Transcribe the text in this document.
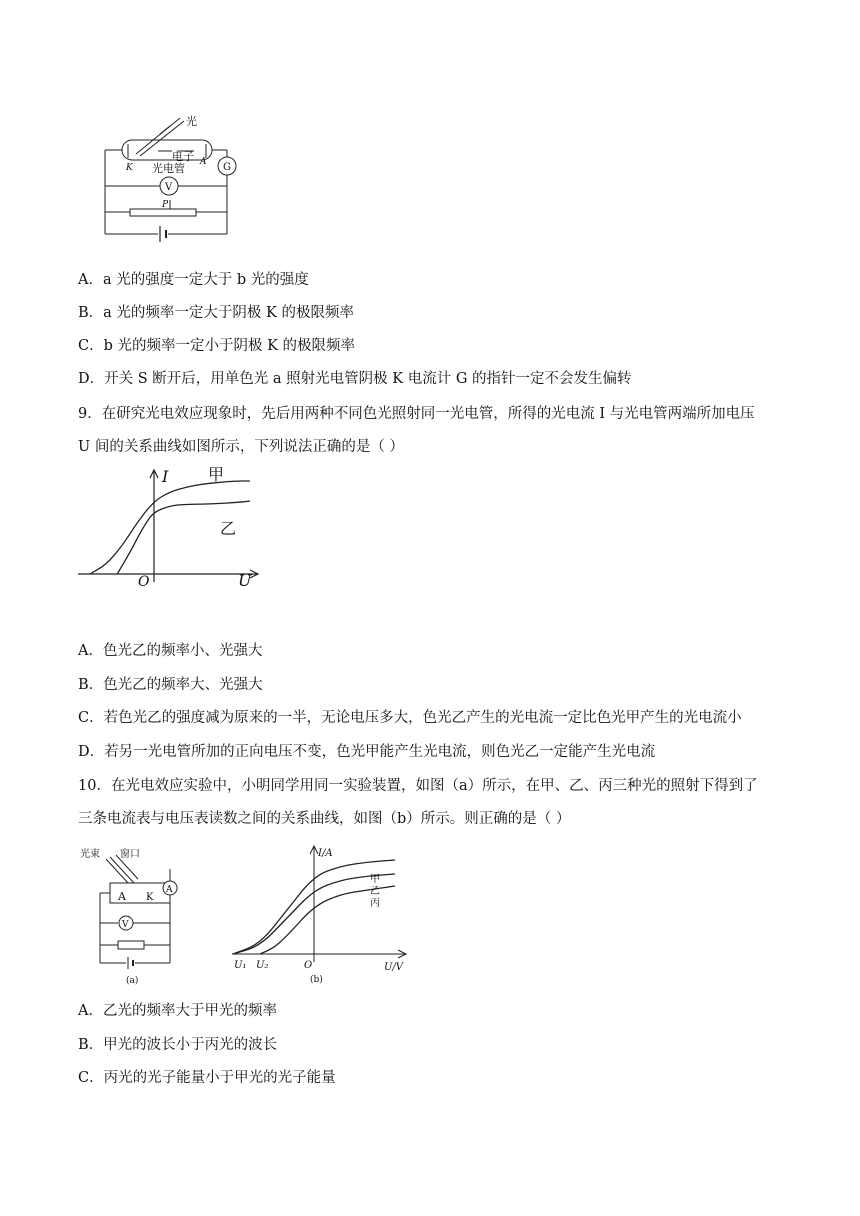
光
电子
光电管
K
A G
V
P
A．a 光的强度一定大于 b 光的强度
B．a 光的频率一定大于阴极 K 的极限频率
C．b 光的频率一定小于阴极 K 的极限频率
D．开关 S 断开后，用单色光 a 照射光电管阴极 K 电流计 G 的指针一定不会发生偏转
9．在研究光电效应现象时，先后用两种不同色光照射同一光电管，所得的光电流 I 与光电管两端所加电压
U 间的关系曲线如图所示，下列说法正确的是（ ）
I
U
O
甲
乙
A．色光乙的频率小、光强大
B．色光乙的频率大、光强大
C．若色光乙的强度减为原来的一半，无论电压多大，色光乙产生的光电流一定比色光甲产生的光电流小
D．若另一光电管所加的正向电压不变，色光甲能产生光电流，则色光乙一定能产生光电流
10．在光电效应实验中，小明同学用同一实验装置，如图（a）所示，在甲、乙、丙三种光的照射下得到了
三条电流表与电压表读数之间的关系曲线，如图（b）所示。则正确的是（ ）
光束 窗口
A K
A
V
(a)
I/A
U/V
U₁ U₂	O
甲
乙
丙
(b)
A．乙光的频率大于甲光的频率
B．甲光的波长小于丙光的波长
C．丙光的光子能量小于甲光的光子能量
